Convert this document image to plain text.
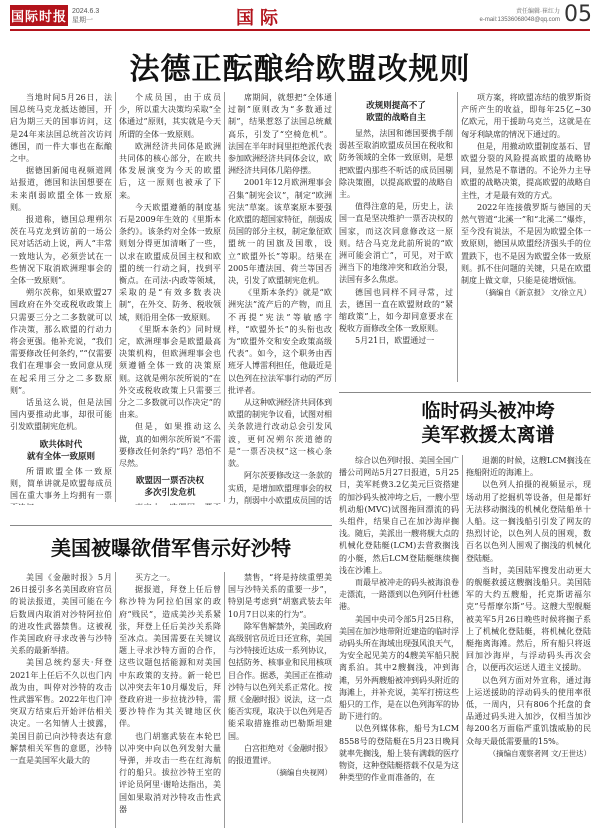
国际时报 2024.6.3
星期一	国际	责任编辑·崔红力
e-mail:13536068048@qq.com 05
法德正酝酿给欧盟改规则

当地时间5月26日，法国总统马克龙抵达德国，开启为期三天的国事访问，这是24年来法国总统首次访问德国，而一件大事也在酝酿之中。

据德国新闻电视频道网站报道，德国和法国想要在未来削弱欧盟全体一致原则。

报道称，德国总理朔尔茨在马克龙到访前的一场公民对话活动上说，两人“丰常一致地认为，必须尝试在一些情况下取消欧洲理事会的全体一致原则”。

朔尔茨称，如果欧盟27国政府在外交或税收政策上只需要三分之二多数就可以作决策，那么欧盟的行动力将会更强。他补充说，“我们需要修改任何条约，”“仅需要我们在理事会一致同意从现在起采用三分之二多数原则”。

话虽这么说，但是法国国内要推动此事，却很可能引发欧盟制宪危机。

欧共体时代
就有全体一致原则

所谓欧盟全体一致原则，简单讲就是欧盟每成员国在重大事务上均拥有一票

个成员国，由于成员少，所以重大决策均采取“全体通过”原则，其实就是今天所谓的全体一致原则。

欧洲经济共同体是欧洲共同体的核心部分，在欧共体发展演变为今天的欧盟后，这一原则也被承了下来。

今天欧盟遵循的制度基石是2009年生效的《里斯本条约》。该条约对全体一致原则划分得更加清晰了一些，以求在欧盟成员国主权和欧盟的统一行动之间，找到平衡点。在司法-内政等领域，采取的是“有效多数表决制”，在外交、防务、税收领域，则沿用全体一致原则。

《里斯本条约》同时规定，欧洲理事会是欧盟最高决策机构，但欧洲理事会也须遵循全体一致的决策原则。这就是朔尔茨所说的“在外交或税收政策上只需要三分之二多数就可以作决定”的由来。

但是，如果推动这么做，真的如朔尔茨所说“不需要修改任何条约”吗？恐怕不尽然。

欧盟因一票否决权
多次引发危机

席期间，就想把“全体通过制”原则改为“多数通过制”，结果惹怒了法国总统戴高乐，引发了“空椅危机”。法国在半年时间里拒绝派代表参加欧洲经济共同体会议，欧洲经济共同体几陷停摆。

2001年12月欧洲理事会召集“制宪会议”，制定“欧洲宪法”草案。该草案原本要强化欧盟的超国家特征，削弱成员国的部分主权，制定象征欧盟统一的国旗及国歌，设立“欧盟外长”等职。结果在2005年遭法国、荷兰等国否决，引发了欧盟制宪危机。

《里斯本条约》就是“欧洲宪法”流产后的产物，而且不再提“宪法”等敏感字样，“欧盟外长”的头衔也改为“欧盟外交和安全政策高级代表”。如今，这个职务由西班牙人博雷利担任，他最近是以色列在拉法军事行动的严厉批评者。

从这种欧洲经济共同体到欧盟的制宪争议看，试图对相关条款进行改动总会引发风波，更何况朔尔茨道德的是“一票否决权”这一核心条款。

阿尔茨要修改这一条款的实质，是增加欧盟理事会的权力，削弱中小欧盟成员国的话

改规则提高不了
欧盟的战略自主

显然，法国和德国要携手削弱甚至取消欧盟成员国在税收和防务领域的全体一致原则，是想把欧盟内那些不听话的成员国剔除决策圈，以提高欧盟的战略自主。

值得注意的是，历史上，法国一直是坚决维护一票否决权的国家，而这次同意修改这一原则。结合马克龙此前所说的“欧洲可能会消亡”，可见，对于欧洲当下的地缘冲突和政治分裂，法国有多么焦虑。

德国也同样不同寻常，过去，德国一直在欧盟财政的“紧缩政策”上，如今却同意要求在税收方面修改全体一致原则。

5月21日，欧盟通过一

项方案，将欧盟冻结的俄罗斯资产所产生的收益，即每年25亿~30亿欧元，用于援助乌克兰，这就是在匈牙利缺席的情况下通过的。

但是，用撤动欧盟制度基石、冒欧盟分裂的风险提高欧盟的战略协同，显然是不靠谱的。不论外力主导欧盟的战略决策，提高欧盟的战略自主性，才是最有效的方式。

2022年连接俄罗斯与德国的天然气管道“北溪一”和“北溪二”爆炸，至今没有说法，不是因为欧盟全体一致原则，德国从欧盟经济强头手的位置跌下，也不是因为欧盟全体一致原则。抓不住问题的关键，只是在欧盟制度上做文章，只能是徒增烦恼。

（摘编自《新京报》 文/徐立凡）
临时码头被冲垮
美军救援太离谱

综合以色列时报、美国全国广播公司网站5月27日报道，5月25日，美军耗费3.2亿美元巨资搭建的加沙码头被冲垮之后，一艘小型机动船(MVC)试图拖回漂流的码头组件，结果自己在加沙海岸搁浅。随后，美派出一艘将舰大点的机械化登陆艇(LCM)去营救搁浅的小艇，然后LCM登陆艇继续搁浅在沙滩上。

而最早被冲走的码头被海浪卷走漂流，一路漂到以色列阿什杜德港。

美国中央司令部5月25日称，美国在加沙地带附近建造的临时浮动码头所在海域出现强风浪天气，为安全起见美方的4艘美军船只脱离系泊。其中2艘搁浅，冲到海滩，另外两艘船被冲到码头附近的海滩上，并补充说，美军打捞这些船只的工作，是在以色列海军的协助下进行的。

以色列媒体称，船号为LCM 8558号的登陆艇在5月23日晚间就率先搁浅，船上装有满载的医疗物资，这种登陆艇搭载不仅是为这种类型的作业而准备的，在

退潮的时候，这艘LCM搁浅在拖船附近的海滩上。

以色列人拍摄的视频显示，现场动用了挖掘机等设备，但是都好无法移动搁浅的机械化登陆船单十人船。这一搁浅船引引发了网友的热烈讨论，以色列人员的围观，数百名以色列人围观了搁浅的机械化登陆艇。

当时，美国陆军搜发出动更大的舰艇救援这艘搁浅船只。美国陆军的大约五艘船，托克斯诺福尔克”号帮摩尔斯”号。这艘大型舰艇被美军5月26日晚些时候将搁子系上了机械化登陆艇，将机械化登陆艇拖离海滩。然后，所有船只将返回加沙海岸，与浮动码头再次会合，以便再次运送人道主义援助。

以色列方面对外宣称，通过海上运送援助的浮动码头的使用率很低，一周内，只有806个托盘的食品通过码头进入加沙，仅相当加沙每200名万面临严重饥饿威胁的民众每天最低需要量的15%。

（摘编自观察者网 文/王世达）
美国被曝欲借军售示好沙特

美国《金融时报》5月26日援引多名美国政府官员的说法报道，美国可能在今后数周内取消对沙特阿拉伯的进攻性武器禁售。这被视作美国政府寻求改善与沙特关系的最新举措。

美国总统约瑟夫·拜登2021年上任后不久以也门内战为由，叫停对沙特的攻击性武器军售。2022年也门冲突双方结束后开始评估相关决定。一名知情人士披露，美国目前已向沙特表达有意解禁相关军售的意愿，沙特一直是美国军火最大的

买方之一。

据报道，拜登上任后曾称沙特为阿拉伯国家的政府“贱民”，造成美沙关系紧张，拜登上任后美沙关系降至冰点。美国需要在关键议题上寻求沙特方面的合作，这些议题包括能源和对美国中东政策的支持。新一轮巴以冲突去年10月爆发后，拜登政府进一步拉拢沙特，需要沙特作为其关键地区伙伴。

也门胡塞武装在本轮巴以冲突中向以色列发射大量导弹，并攻击一些在红海航行的船只。拔拉沙特王室的评论员阿里·谢哈达指出，美国如果取消对沙特攻击性武器

禁售，“将是持续重塑美国与沙特关系的重要一步”，特别是考虑到“胡塞武装去年10月7日以来的行为”。

除军售解禁外，美国政府高级别官员近日还宣称，美国与沙特接近达成一系列协议，包括防务、核事业和民用核项目合作。据悉，美国正在推动沙特与以色列关系正常化。按照《金融时报》说法，这一点能否实现，取决于以色列是否能采取措施推动巴勒斯坦建国。

白宫拒绝对《金融时报》的报道置评。

（摘编自央视网）
